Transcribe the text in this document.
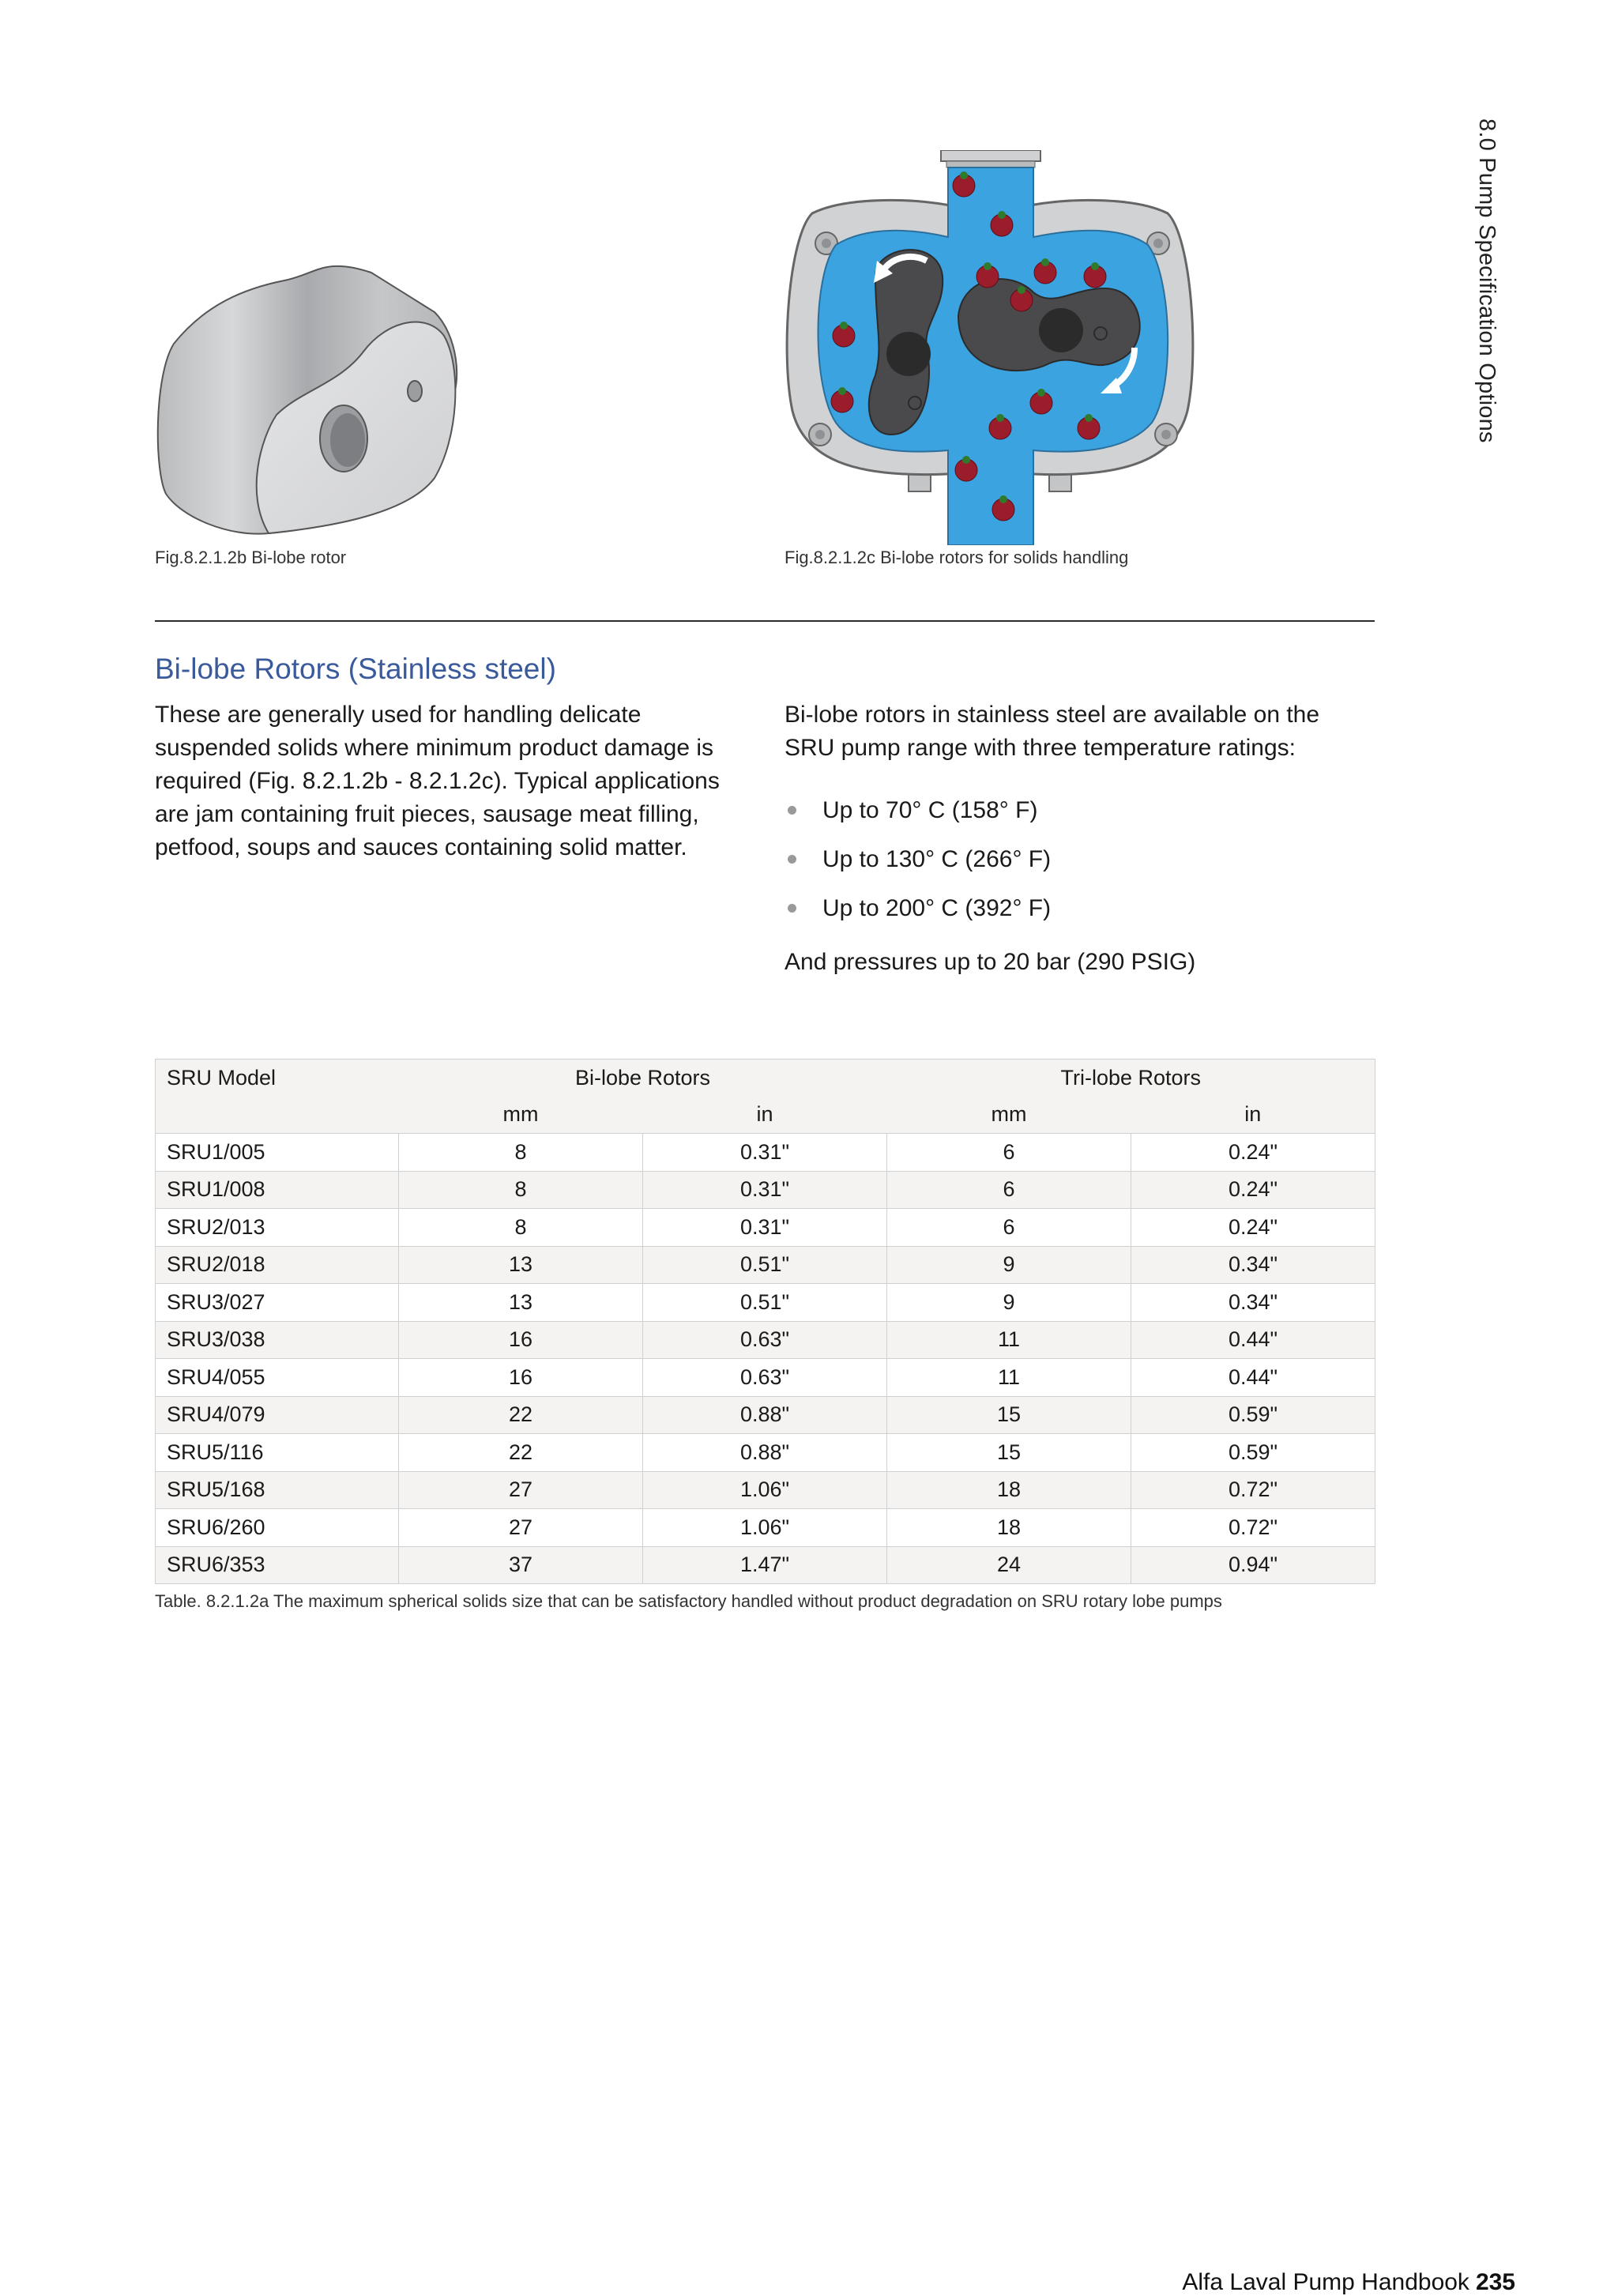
8.0 Pump Specification Options
Fig.8.2.1.2b Bi-lobe rotor	Fig.8.2.1.2c Bi-lobe rotors for solids handling
Bi-lobe Rotors (Stainless steel)
These are generally used for handling delicate suspended solids where minimum product damage is required (Fig. 8.2.1.2b - 8.2.1.2c). Typical applications are jam containing fruit pieces, sausage meat filling, petfood, soups and sauces containing solid matter.
Bi-lobe rotors in stainless steel are available on the SRU pump range with three temperature ratings:
Up to 70° C (158° F)
Up to 130° C (266° F)
Up to 200° C (392° F)
And pressures up to 20 bar (290 PSIG)
SRU Model	Bi-lobe Rotors		Tri-lobe Rotors	
	mm	in	mm	in
SRU1/005	8	0.31"	6	0.24"
SRU1/008	8	0.31"	6	0.24"
SRU2/013	8	0.31"	6	0.24"
SRU2/018	13	0.51"	9	0.34"
SRU3/027	13	0.51"	9	0.34"
SRU3/038	16	0.63"	11	0.44"
SRU4/055	16	0.63"	11	0.44"
SRU4/079	22	0.88"	15	0.59"
SRU5/116	22	0.88"	15	0.59"
SRU5/168	27	1.06"	18	0.72"
SRU6/260	27	1.06"	18	0.72"
SRU6/353	37	1.47"	24	0.94"
Table. 8.2.1.2a The maximum spherical solids size that can be satisfactory handled without product degradation on SRU rotary lobe pumps
Alfa Laval Pump Handbook 235
